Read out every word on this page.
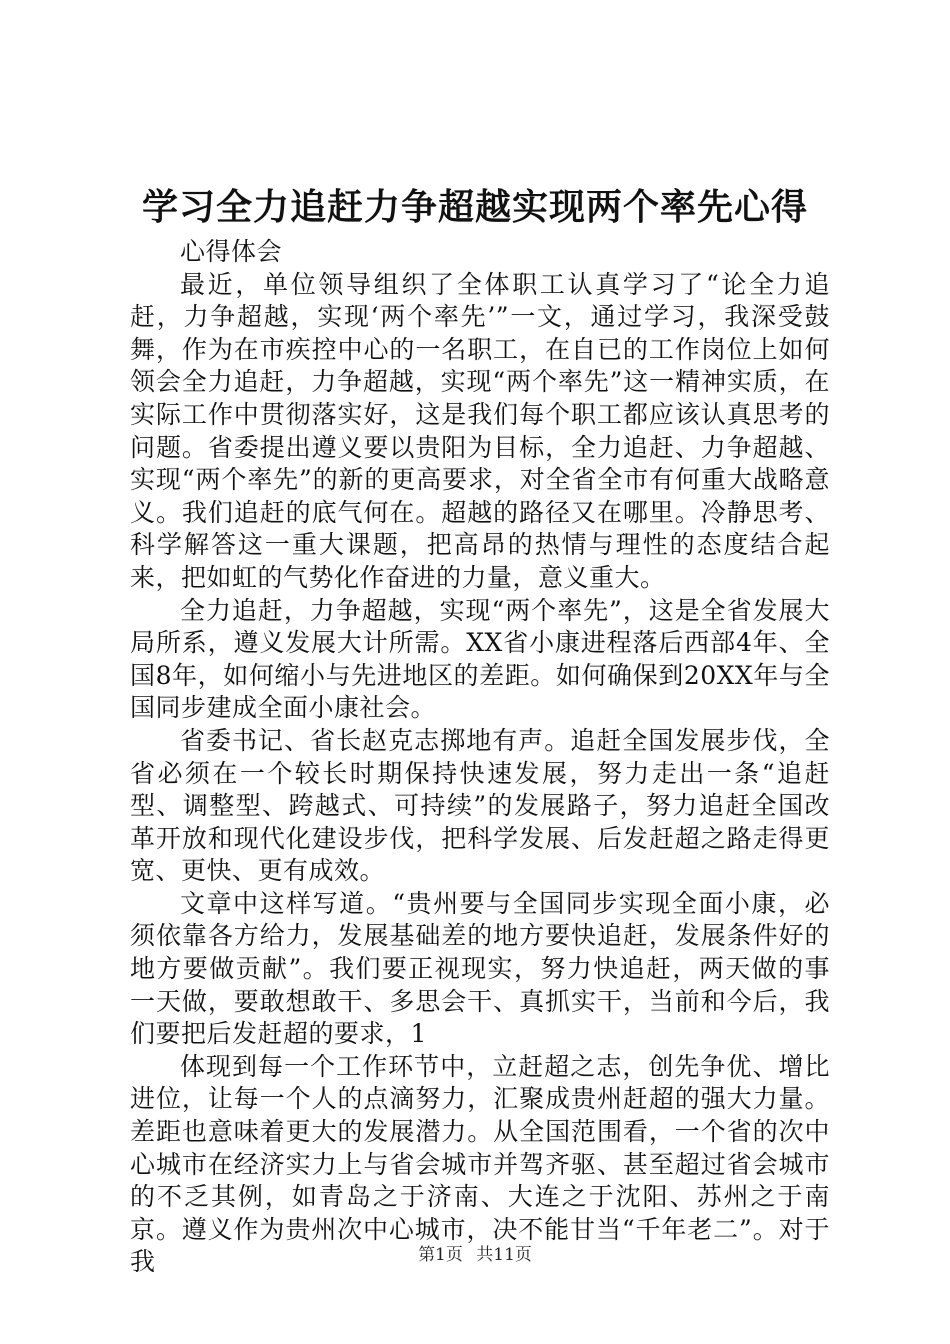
学习全力追赶力争超越实现两个率先心得

心得体会

最近，单位领导组织了全体职工认真学习了“论全力追赶，力争超越，实现‘两个率先’”一文，通过学习，我深受鼓舞，作为在市疾控中心的一名职工，在自已的工作岗位上如何领会全力追赶，力争超越，实现“两个率先”这一精神实质，在实际工作中贯彻落实好，这是我们每个职工都应该认真思考的问题。省委提出遵义要以贵阳为目标，全力追赶、力争超越、实现“两个率先”的新的更高要求，对全省全市有何重大战略意义。我们追赶的底气何在。超越的路径又在哪里。冷静思考、科学解答这一重大课题，把高昂的热情与理性的态度结合起来，把如虹的气势化作奋进的力量，意义重大。

全力追赶，力争超越，实现“两个率先”，这是全省发展大局所系，遵义发展大计所需。XX省小康进程落后西部4年、全国8年，如何缩小与先进地区的差距。如何确保到20XX年与全国同步建成全面小康社会。

省委书记、省长赵克志掷地有声。追赶全国发展步伐，全省必须在一个较长时期保持快速发展，努力走出一条“追赶型、调整型、跨越式、可持续”的发展路子，努力追赶全国改革开放和现代化建设步伐，把科学发展、后发赶超之路走得更宽、更快、更有成效。

文章中这样写道。“贵州要与全国同步实现全面小康，必须依靠各方给力，发展基础差的地方要快追赶，发展条件好的地方要做贡献”。我们要正视现实，努力快追赶，两天做的事一天做，要敢想敢干、多思会干、真抓实干，当前和今后，我们要把后发赶超的要求，1

体现到每一个工作环节中，立赶超之志，创先争优、增比进位，让每一个人的点滴努力，汇聚成贵州赶超的强大力量。差距也意味着更大的发展潜力。从全国范围看，一个省的次中心城市在经济实力上与省会城市并驾齐驱、甚至超过省会城市的不乏其例，如青岛之于济南、大连之于沈阳、苏州之于南京。遵义作为贵州次中心城市，决不能甘当“千年老二”。对于我	第1页 共11页
